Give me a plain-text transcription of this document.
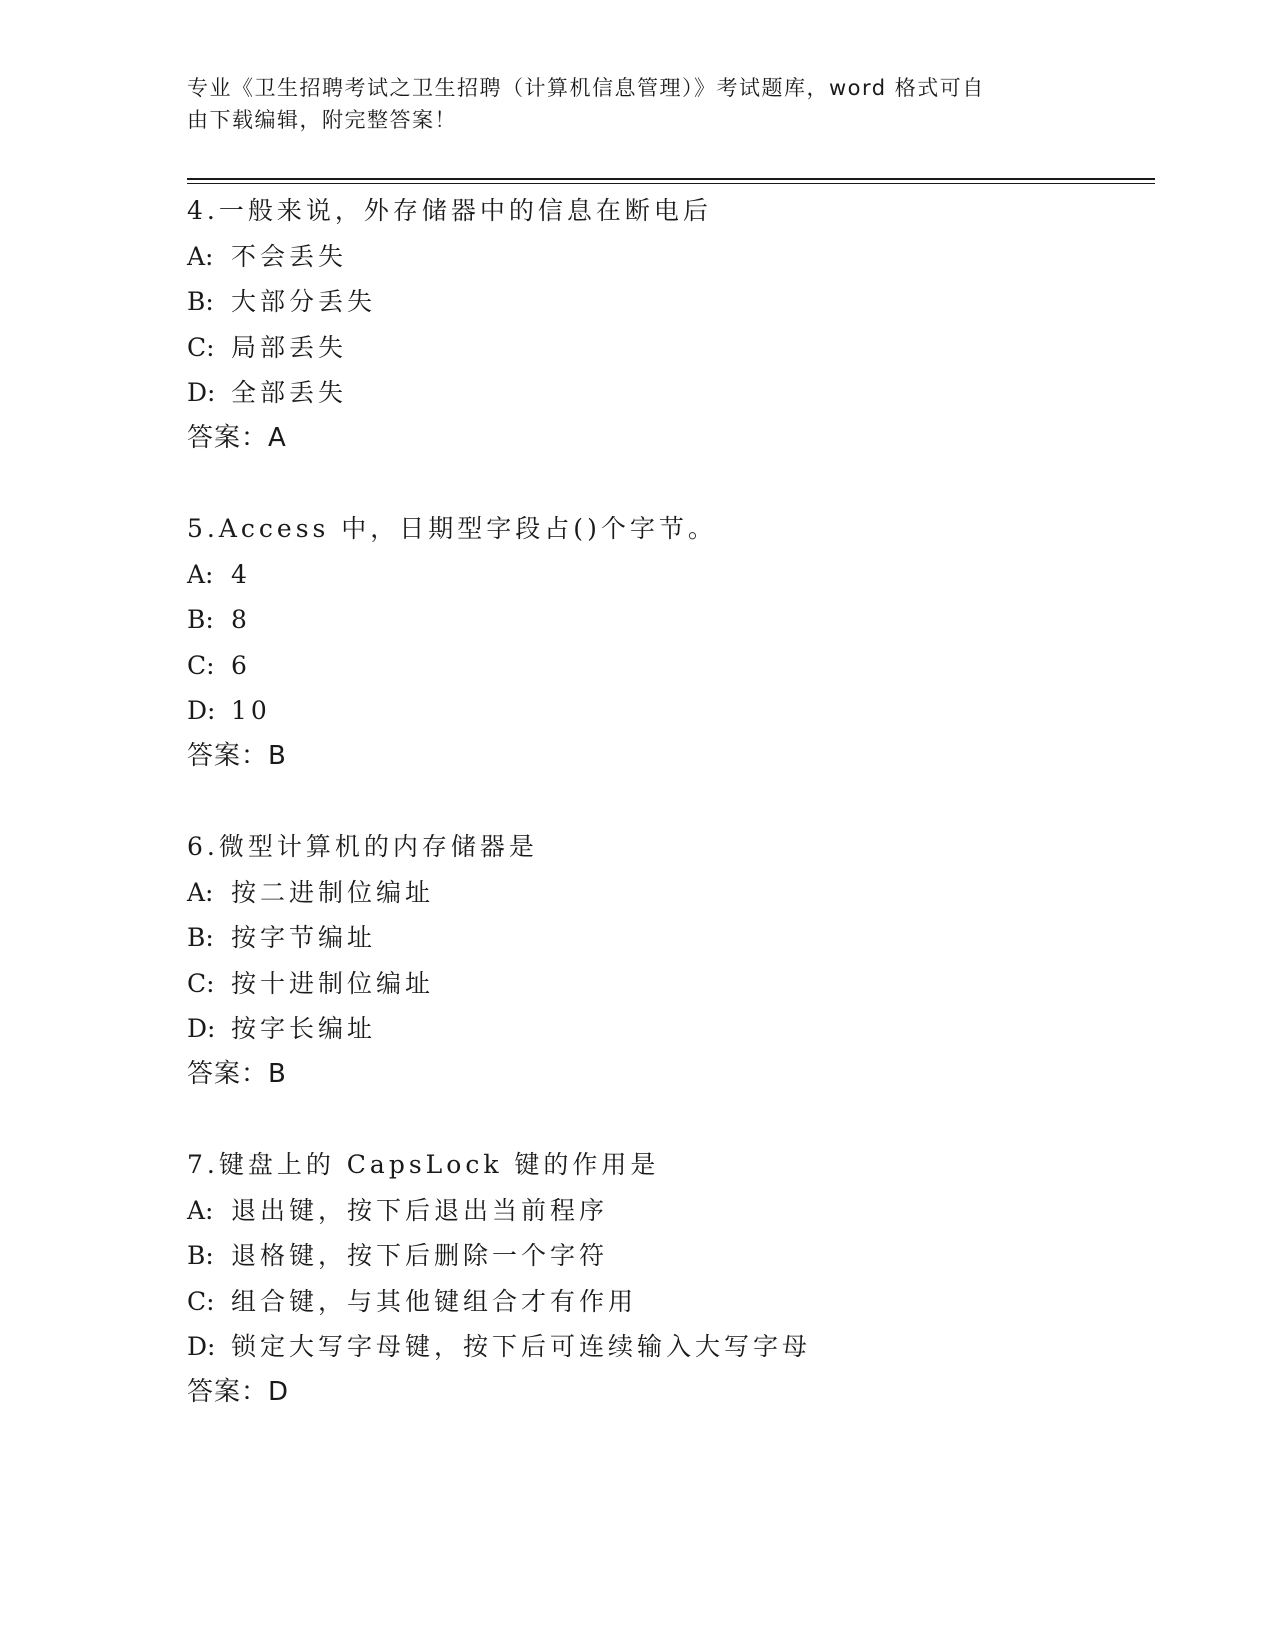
专业《卫生招聘考试之卫生招聘（计算机信息管理）》考试题库，word 格式可自
由下载编辑，附完整答案！
4.一般来说，外存储器中的信息在断电后
A: 不会丢失
B: 大部分丢失
C: 局部丢失
D: 全部丢失
答案：A
5.Access 中，日期型字段占()个字节。
A: 4
B: 8
C: 6
D: 10
答案：B
6.微型计算机的内存储器是
A: 按二进制位编址
B: 按字节编址
C: 按十进制位编址
D: 按字长编址
答案：B
7.键盘上的 CapsLock 键的作用是
A: 退出键，按下后退出当前程序
B: 退格键，按下后删除一个字符
C: 组合键，与其他键组合才有作用
D: 锁定大写字母键，按下后可连续输入大写字母
答案：D
